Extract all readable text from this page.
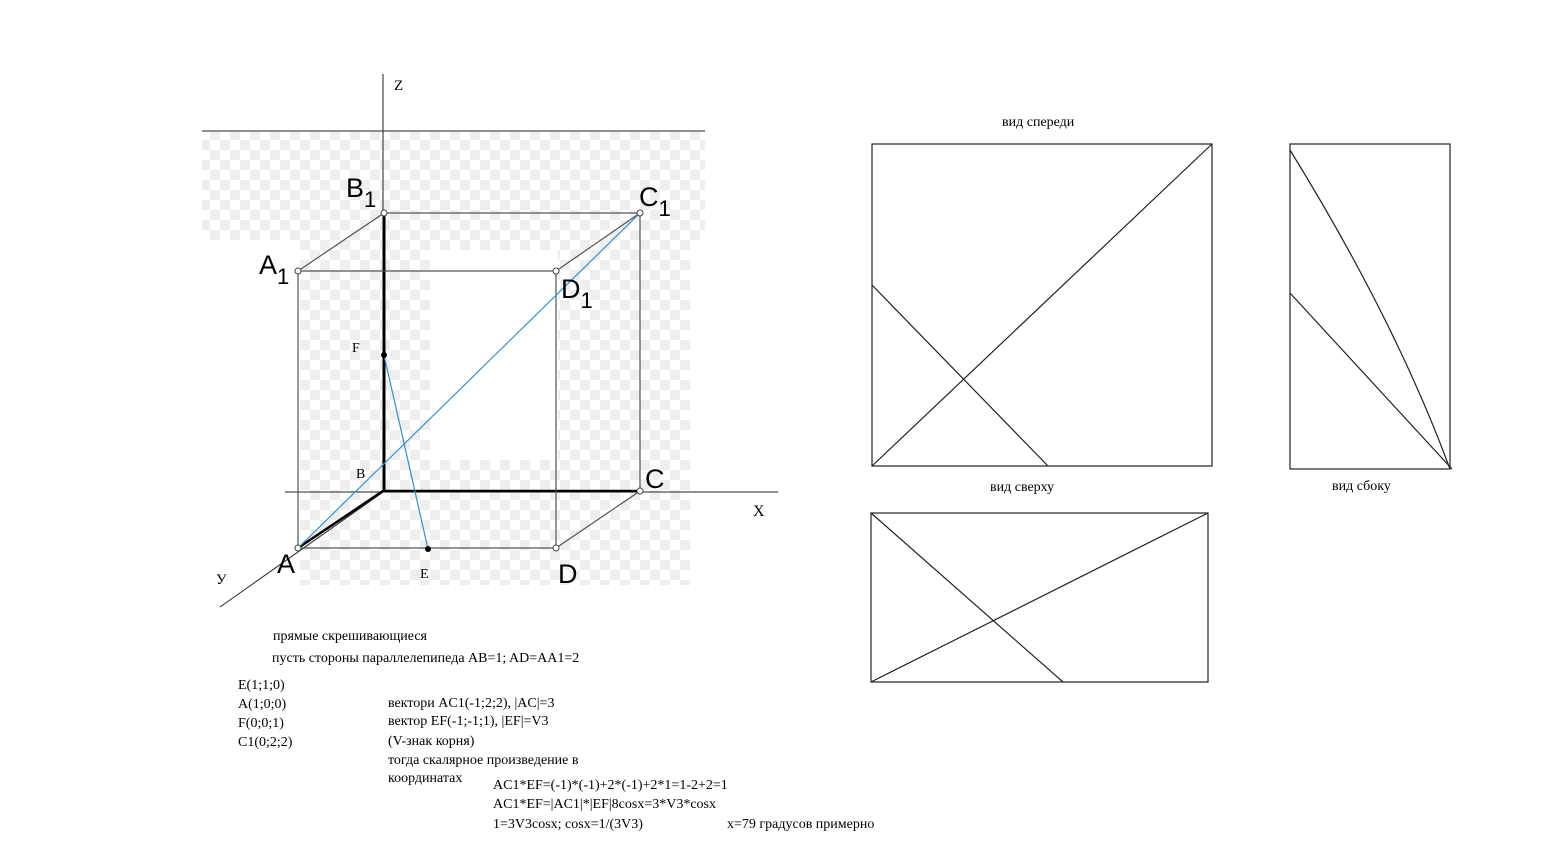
Z
X
У
A	D
C
C1
B1
A1	D1
F
B
E
вид спереди
вид сверху	вид сбоку
прямые скрешивающиеся
пусть стороны параллелепипеда AB=1; AD=AA1=2
E(1;1;0)
A(1;0;0)
F(0;0;1)
C1(0;2;2)
вектори AC1(-1;2;2), |AC|=3
вектор EF(-1;-1;1), |EF|=V3
(V-знак корня)
тогда скалярное произведение в
координатах AC1*EF=(-1)*(-1)+2*(-1)+2*1=1-2+2=1
AC1*EF=|AC1|*|EF|8cosx=3*V3*cosx
1=3V3cosx; cosx=1/(3V3)	x=79 градусов примерно
